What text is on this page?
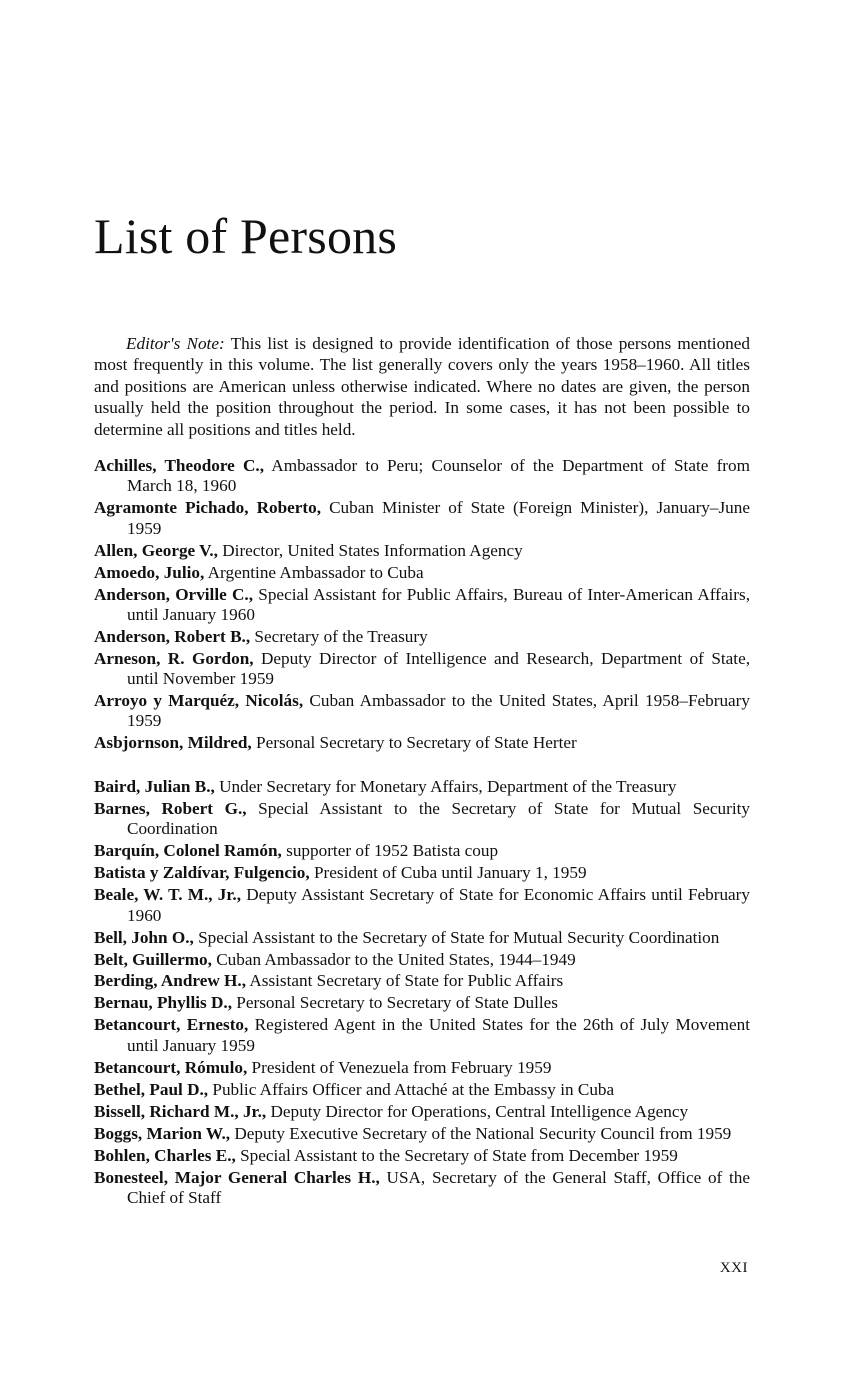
List of Persons

Editor's Note: This list is designed to provide identification of those persons mentioned most frequently in this volume. The list generally covers only the years 1958–1960. All titles and positions are American unless otherwise indicated. Where no dates are given, the person usually held the position throughout the period. In some cases, it has not been possible to determine all positions and titles held.

Achilles, Theodore C., Ambassador to Peru; Counselor of the Department of State from March 18, 1960
Agramonte Pichado, Roberto, Cuban Minister of State (Foreign Minister), January–June 1959
Allen, George V., Director, United States Information Agency
Amoedo, Julio, Argentine Ambassador to Cuba
Anderson, Orville C., Special Assistant for Public Affairs, Bureau of Inter-American Affairs, until January 1960
Anderson, Robert B., Secretary of the Treasury
Arneson, R. Gordon, Deputy Director of Intelligence and Research, Department of State, until November 1959
Arroyo y Marquéz, Nicolás, Cuban Ambassador to the United States, April 1958–February 1959
Asbjornson, Mildred, Personal Secretary to Secretary of State Herter
Baird, Julian B., Under Secretary for Monetary Affairs, Department of the Treasury
Barnes, Robert G., Special Assistant to the Secretary of State for Mutual Security Coordination
Barquín, Colonel Ramón, supporter of 1952 Batista coup
Batista y Zaldívar, Fulgencio, President of Cuba until January 1, 1959
Beale, W. T. M., Jr., Deputy Assistant Secretary of State for Economic Affairs until February 1960
Bell, John O., Special Assistant to the Secretary of State for Mutual Security Coordination
Belt, Guillermo, Cuban Ambassador to the United States, 1944–1949
Berding, Andrew H., Assistant Secretary of State for Public Affairs
Bernau, Phyllis D., Personal Secretary to Secretary of State Dulles
Betancourt, Ernesto, Registered Agent in the United States for the 26th of July Movement until January 1959
Betancourt, Rómulo, President of Venezuela from February 1959
Bethel, Paul D., Public Affairs Officer and Attaché at the Embassy in Cuba
Bissell, Richard M., Jr., Deputy Director for Operations, Central Intelligence Agency
Boggs, Marion W., Deputy Executive Secretary of the National Security Council from 1959
Bohlen, Charles E., Special Assistant to the Secretary of State from December 1959
Bonesteel, Major General Charles H., USA, Secretary of the General Staff, Office of the Chief of Staff
XXI
